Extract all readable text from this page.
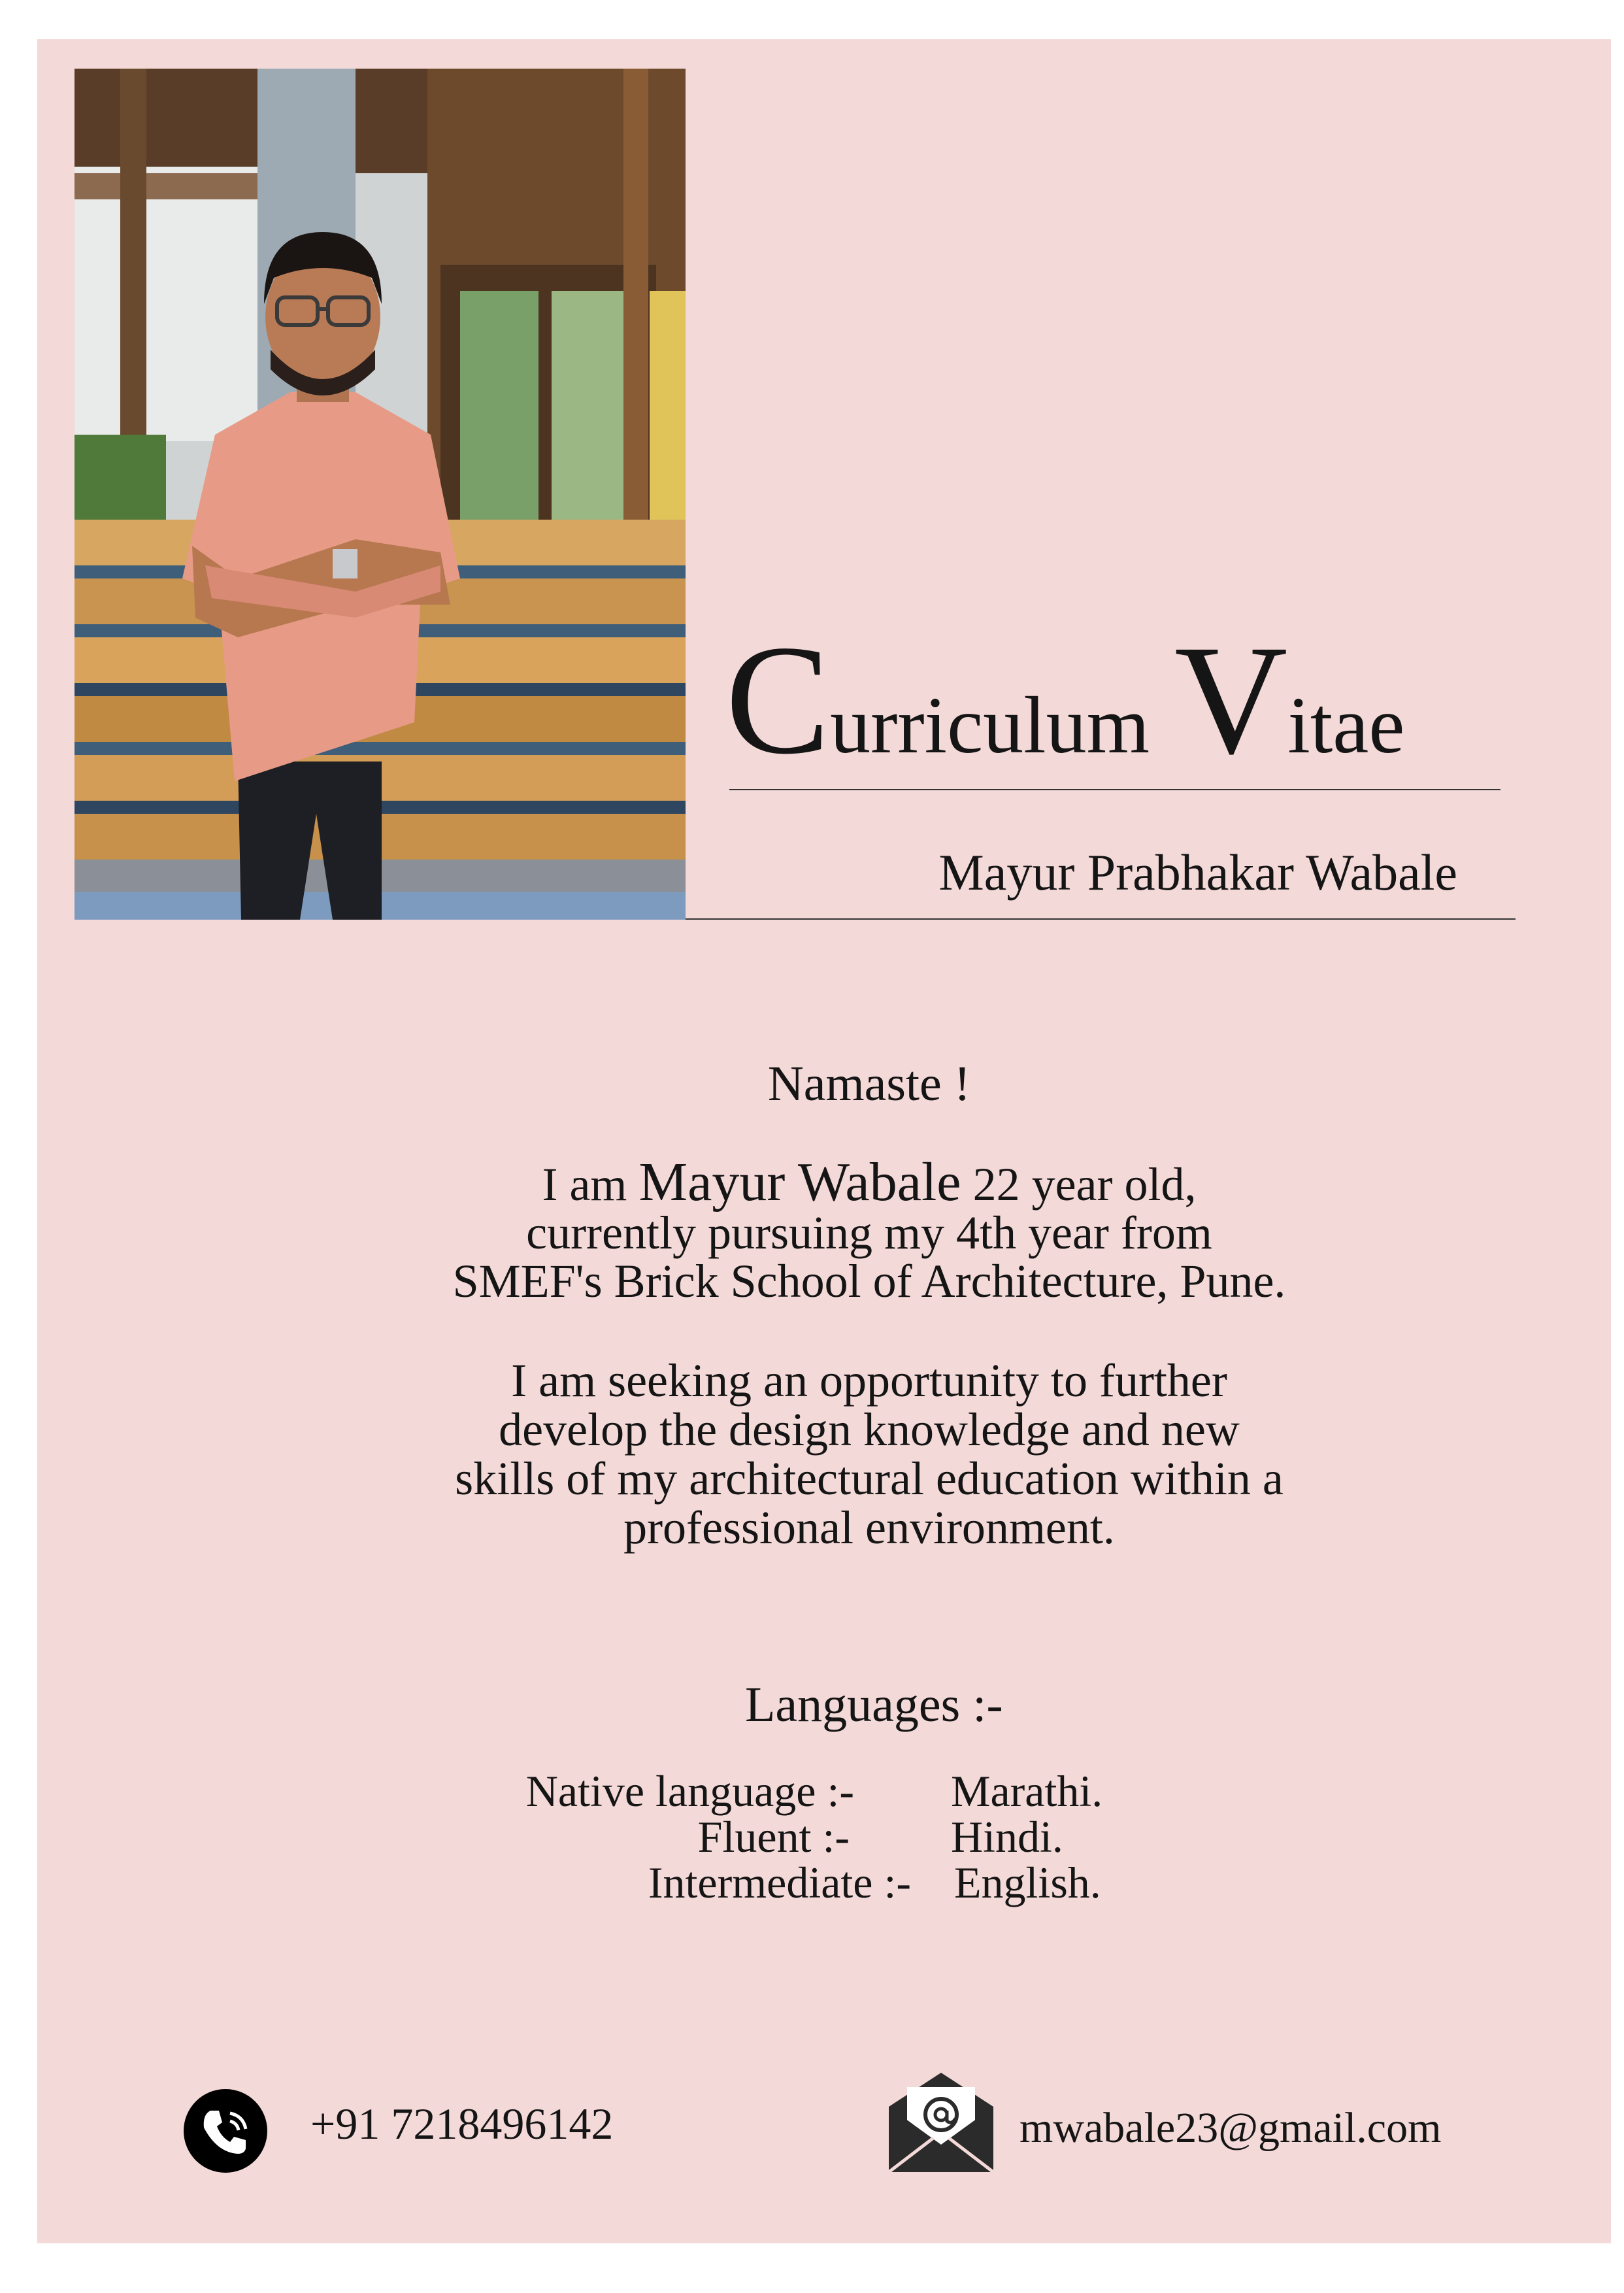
Curriculum Vitae
Mayur Prabhakar Wabale
Namaste !
I am Mayur Wabale 22 year old,
currently pursuing my 4th year from
SMEF's Brick School of Architecture, Pune.
I am seeking an opportunity to further
develop the design knowledge and new
skills of my architectural education within a
professional environment.
Languages :-
Native language :- Marathi.
Fluent :- Hindi.
Intermediate :- English.
+91 7218496142	mwabale23@gmail.com
